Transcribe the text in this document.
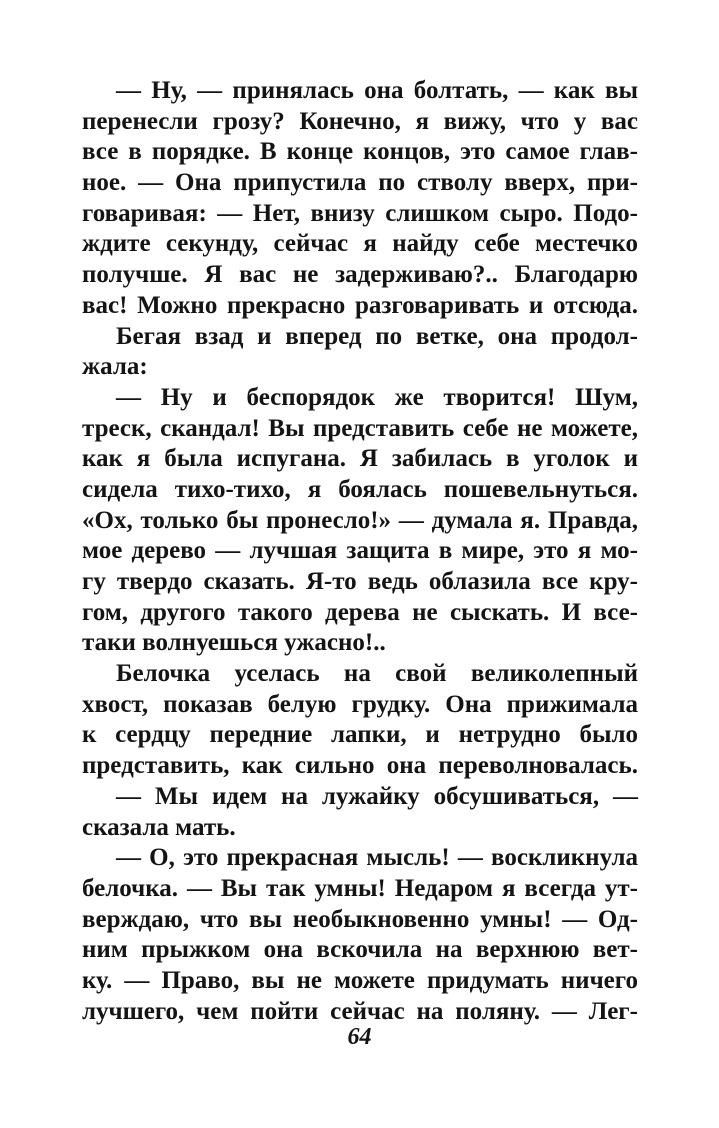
— Ну, — принялась она болтать, — как вы
перенесли грозу? Конечно, я вижу, что у вас
все в порядке. В конце концов, это самое глав-
ное. — Она припустила по стволу вверх, при-
говаривая: — Нет, внизу слишком сыро. Подо-
ждите секунду, сейчас я найду себе местечко
получше. Я вас не задерживаю?.. Благодарю
вас! Можно прекрасно разговаривать и отсюда.
Бегая взад и вперед по ветке, она продол-
жала:
— Ну и беспорядок же творится! Шум,
треск, скандал! Вы представить себе не можете,
как я была испугана. Я забилась в уголок и
сидела тихо-тихо, я боялась пошевельнуться.
«Ох, только бы пронесло!» — думала я. Правда,
мое дерево — лучшая защита в мире, это я мо-
гу твердо сказать. Я-то ведь облазила все кру-
гом, другого такого дерева не сыскать. И все-
таки волнуешься ужасно!..
Белочка уселась на свой великолепный
хвост, показав белую грудку. Она прижимала
к сердцу передние лапки, и нетрудно было
представить, как сильно она переволновалась.
— Мы идем на лужайку обсушиваться, —
сказала мать.
— О, это прекрасная мысль! — воскликнула
белочка. — Вы так умны! Недаром я всегда ут-
верждаю, что вы необыкновенно умны! — Од-
ним прыжком она вскочила на верхнюю вет-
ку. — Право, вы не можете придумать ничего
лучшего, чем пойти сейчас на поляну. — Лег-
64
